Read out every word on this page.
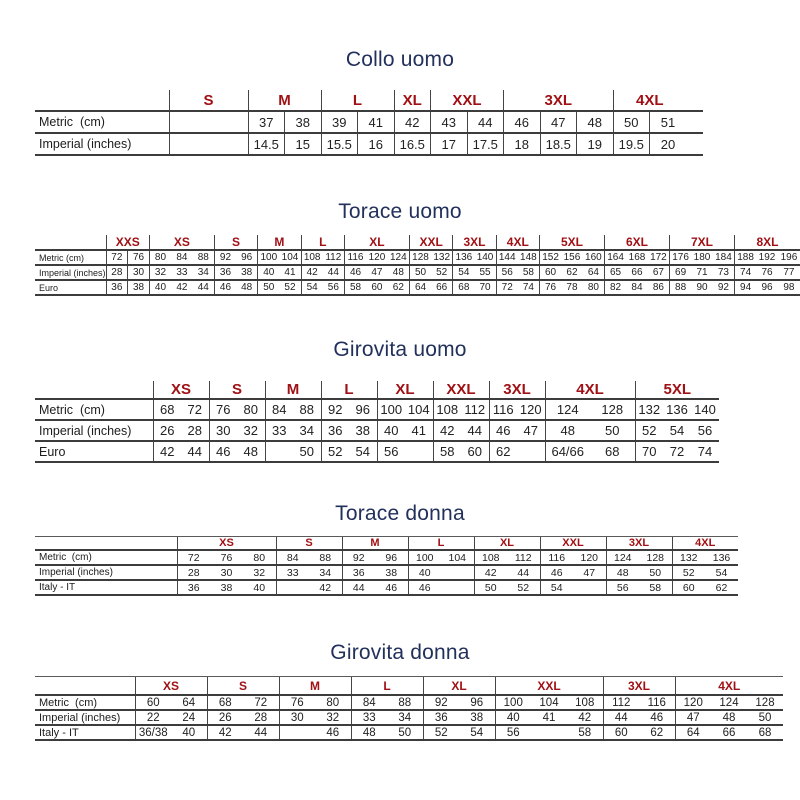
Collo uomo
	S	M		L		XL	XXL		3XL			4XL		
Metric  (cm)		37	38	39	41	42	43	44	46	47	48	50	51	
Imperial (inches)		14.5	15	15.5	16	16.5	17	17.5	18	18.5	19	19.5	20	
Torace uomo
	XXS		XS			S		M		L		XL			XXL		3XL		4XL		5XL			6XL			7XL			8XL		
Metric (cm)	72	76	80	84	88	92	96	100	104	108	112	116	120	124	128	132	136	140	144	148	152	156	160	164	168	172	176	180	184	188	192	196
Imperial (inches)	28	30	32	33	34	36	38	40	41	42	44	46	47	48	50	52	54	55	56	58	60	62	64	65	66	67	69	71	73	74	76	77
Euro	36	38	40	42	44	46	48	50	52	54	56	58	60	62	64	66	68	70	72	74	76	78	80	82	84	86	88	90	92	94	96	98
Girovita uomo
	XS		S		M		L		XL		XXL		3XL		4XL		5XL		
Metric  (cm)	68	72	76	80	84	88	92	96	100	104	108	112	116	120	124	128	132	136	140
Imperial (inches)	26	28	30	32	33	34	36	38	40	41	42	44	46	47	48	50	52	54	56
Euro	42	44	46	48		50	52	54	56		58	60	62		64/66	68	70	72	74
Torace donna
	XS			S		M		L		XL		XXL		3XL		4XL	
Metric  (cm)	72	76	80	84	88	92	96	100	104	108	112	116	120	124	128	132	136
Imperial (inches)	28	30	32	33	34	36	38	40		42	44	46	47	48	50	52	54
Italy - IT	36	38	40		42	44	46	46		50	52	54		56	58	60	62
Girovita donna
	XS		S		M		L		XL		XXL			3XL		4XL		
Metric  (cm)	60	64	68	72	76	80	84	88	92	96	100	104	108	112	116	120	124	128
Imperial (inches)	22	24	26	28	30	32	33	34	36	38	40	41	42	44	46	47	48	50
Italy - IT	36/38	40	42	44		46	48	50	52	54	56		58	60	62	64	66	68
